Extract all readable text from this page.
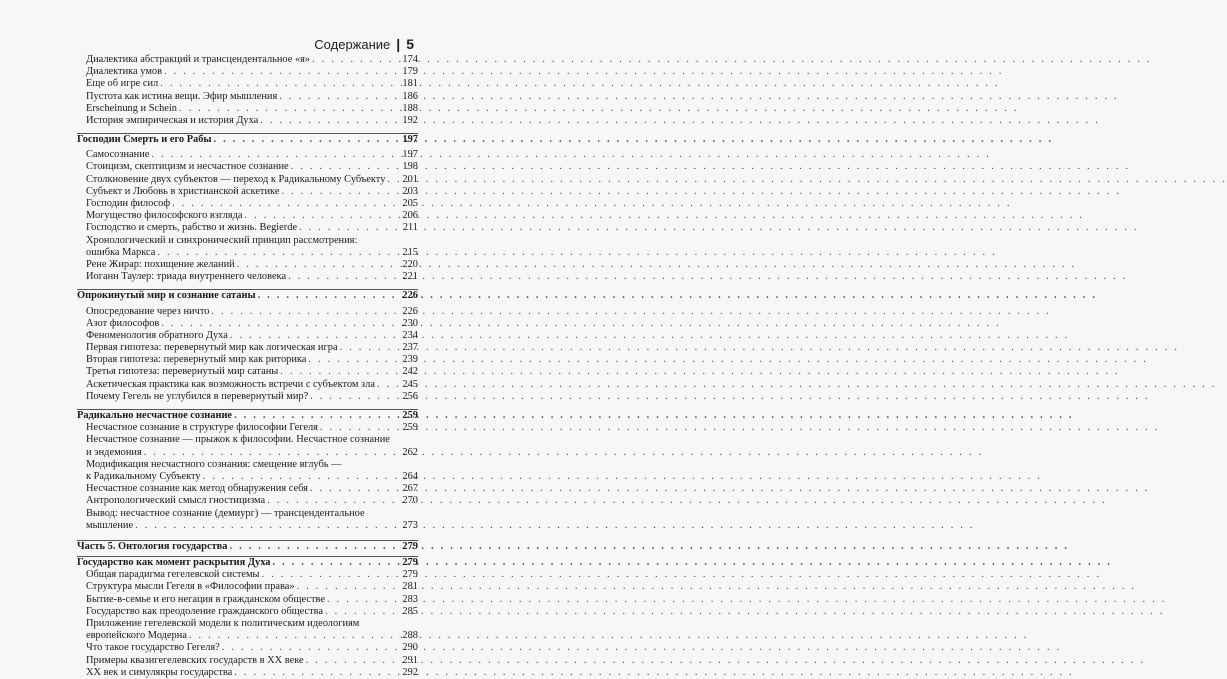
Содержание | 5
Диалектика абстракций и трансцендентальное «я» . . .	174
Диалектика умов . . .	179
Еще об игре сил . . .	181
Пустота как истина вещи. Эфир мышления . . .	186
Erscheinung и Schein . . .	188
История эмпирическая и история Духа . . .	192
Господин Смерть и его Рабы . . .	197
Самосознание . . .	197
Стоицизм, скептицизм и несчастное сознание . . .	198
Столкновение двух субъектов — переход к Радикальному Субъекту . . . 201
Субъект и Любовь в христианской аскетике . . .	203
Господин философ . . .	205
Могущество философского взгляда . . .	206
Господство и смерть, рабство и жизнь. Begierde . . .	211
Хронологический и синхронический принцип рассмотрения:
ошибка Маркса . . .	215
Рене Жирар: похищение желаний . . .	220
Иоганн Таулер: триада внутреннего человека . . .	221
Опрокинутый мир и сознание сатаны . . .	226
Опосредование через ничто . . .	226
Азот философов . . .	230
Феноменология обратного Духа . . .	234
Первая гипотеза: перевернутый мир как логическая игра . . .	237
Вторая гипотеза: перевернутый мир как риторика . . .	239
Третья гипотеза: перевернутый мир сатаны . . .	242
Аскетическая практика как возможность встречи с субъектом зла . . .	245
Почему Гегель не углубился в перевернутый мир? . . .	256
Радикально несчастное сознание . . .	259
Несчастное сознание в структуре философии Гегеля . . .	259
Несчастное сознание — прыжок к философии. Несчастное сознание
и эндемония . . .	262
Модификация несчастного сознания: смещение вглубь —
к Радикальному Субъекту . . .	264
Несчастное сознание как метод обнаружения себя . . .	267
Антропологический смысл гностицизма . . .	270
Вывод: несчастное сознание (демиург) — трансцендентальное
мышление . . .	273
Часть 5. Онтология государства . . .	279
Государство как момент раскрытия Духа . . .	279
Общая парадигма гегелевской системы . . .	279
Структура мысли Гегеля в «Философии права» . . .	281
Бытие-в-семье и его негация в гражданском обществе . . .	283
Государство как преодоление гражданского общества . . .	285
Приложение гегелевской модели к политическим идеологиям
европейского Модерна . . .	288
Что такое государство Гегеля? . . .	290
Примеры квазигегелевских государств в XX веке . . .	291
XX век и симулякры государства . . .	292
